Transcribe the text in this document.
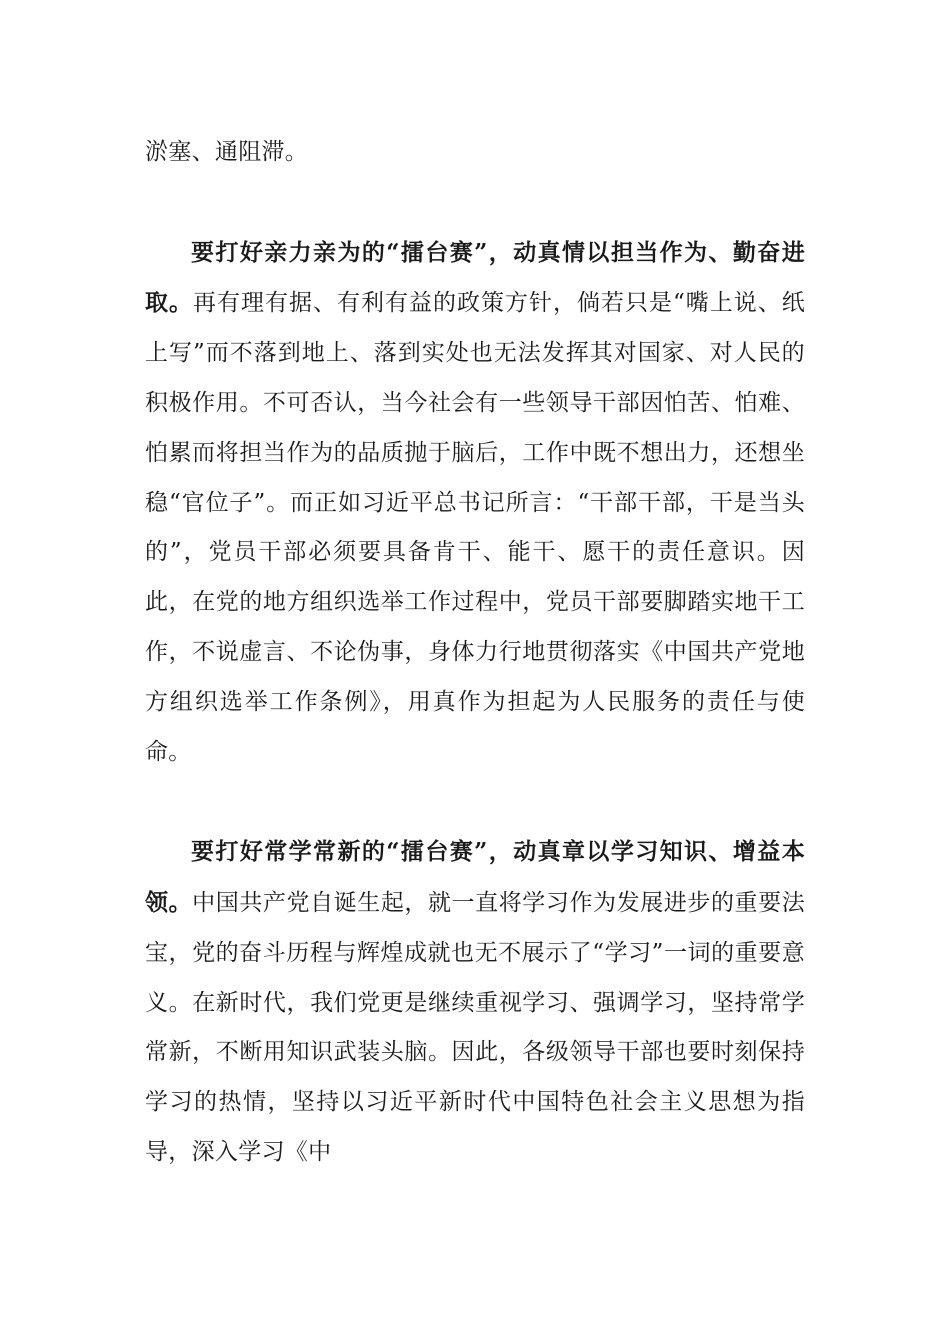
淤塞、通阻滞。

要打好亲力亲为的“擂台赛”，动真情以担当作为、勤奋进取。再有理有据、有利有益的政策方针，倘若只是“嘴上说、纸上写”而不落到地上、落到实处也无法发挥其对国家、对人民的积极作用。不可否认，当今社会有一些领导干部因怕苦、怕难、怕累而将担当作为的品质抛于脑后，工作中既不想出力，还想坐稳“官位子”。而正如习近平总书记所言：“干部干部，干是当头的”，党员干部必须要具备肯干、能干、愿干的责任意识。因此，在党的地方组织选举工作过程中，党员干部要脚踏实地干工作，不说虚言、不论伪事，身体力行地贯彻落实《中国共产党地方组织选举工作条例》，用真作为担起为人民服务的责任与使命。

要打好常学常新的“擂台赛”，动真章以学习知识、增益本领。中国共产党自诞生起，就一直将学习作为发展进步的重要法宝，党的奋斗历程与辉煌成就也无不展示了“学习”一词的重要意义。在新时代，我们党更是继续重视学习、强调学习，坚持常学常新，不断用知识武装头脑。因此，各级领导干部也要时刻保持学习的热情，坚持以习近平新时代中国特色社会主义思想为指导，深入学习《中
